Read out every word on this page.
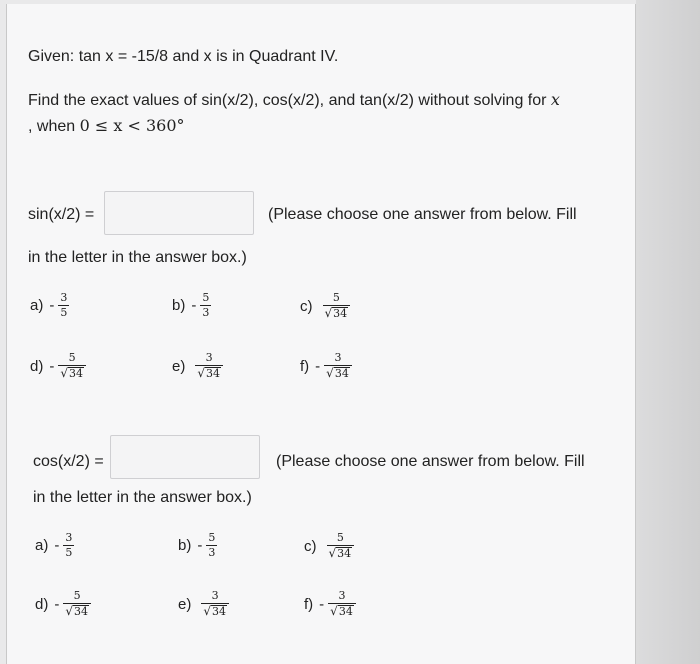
Given: tan x = -15/8 and x is in Quadrant IV.
Find the exact values of sin(x/2), cos(x/2), and tan(x/2) without solving for x
, when 0 ≤ x < 360°
sin(x/2) =	(Please choose one answer from below. Fill
in the letter in the answer box.)
$a) - \frac{3}{5}$	$b) - \frac{5}{3}$	$c) \frac{5}{√ 34}$
$d) - \frac{5}{√ 34}$	$e) \frac{3}{√ 34}$	$f) - \frac{3}{√ 34}$
cos(x/2) =	(Please choose one answer from below. Fill
in the letter in the answer box.)
$a) - \frac{3}{5}$	$b) - \frac{5}{3}$	$c) \frac{5}{√ 34}$
$d) - \frac{5}{√ 34}$	$e) \frac{3}{√ 34}$	$f) - \frac{3}{√ 34}$
